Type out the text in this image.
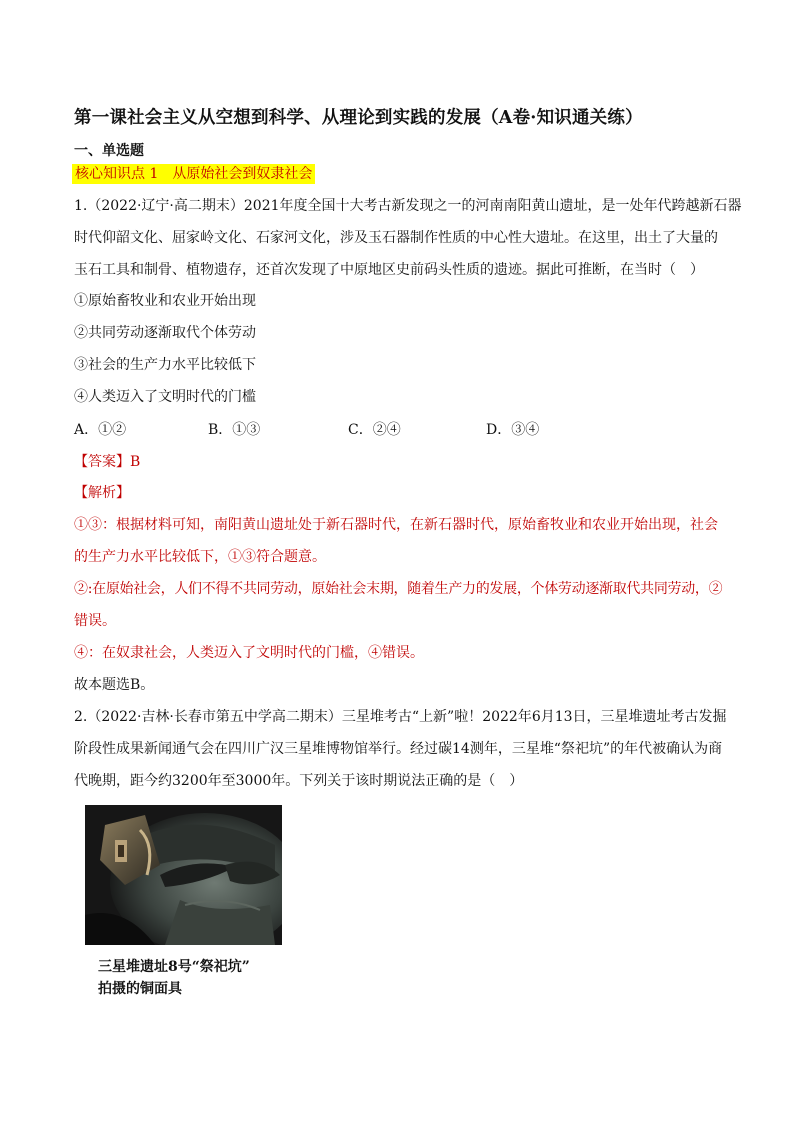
第一课社会主义从空想到科学、从理论到实践的发展（A卷·知识通关练）
一、单选题
核心知识点 1　从原始社会到奴隶社会
1.（2022·辽宁·高二期末）2021年度全国十大考古新发现之一的河南南阳黄山遗址，是一处年代跨越新石器
时代仰韶文化、屈家岭文化、石家河文化，涉及玉石器制作性质的中心性大遗址。在这里，出土了大量的
玉石工具和制骨、植物遗存，还首次发现了中原地区史前码头性质的遗迹。据此可推断，在当时（　）
①原始畜牧业和农业开始出现
②共同劳动逐渐取代个体劳动
③社会的生产力水平比较低下
④人类迈入了文明时代的门槛
A．①②	B．①③	C．②④	D．③④
【答案】B
【解析】
①③：根据材料可知，南阳黄山遗址处于新石器时代，在新石器时代，原始畜牧业和农业开始出现，社会
的生产力水平比较低下，①③符合题意。
②:在原始社会，人们不得不共同劳动，原始社会末期，随着生产力的发展，个体劳动逐渐取代共同劳动，②
错误。
④：在奴隶社会，人类迈入了文明时代的门槛，④错误。
故本题选B。
2.（2022·吉林·长春市第五中学高二期末）三星堆考古“上新”啦！2022年6月13日，三星堆遗址考古发掘
阶段性成果新闻通气会在四川广汉三星堆博物馆举行。经过碳14测年，三星堆“祭祀坑”的年代被确认为商
代晚期，距今约3200年至3000年。下列关于该时期说法正确的是（　）
三星堆遗址8号“祭祀坑”
拍摄的铜面具
